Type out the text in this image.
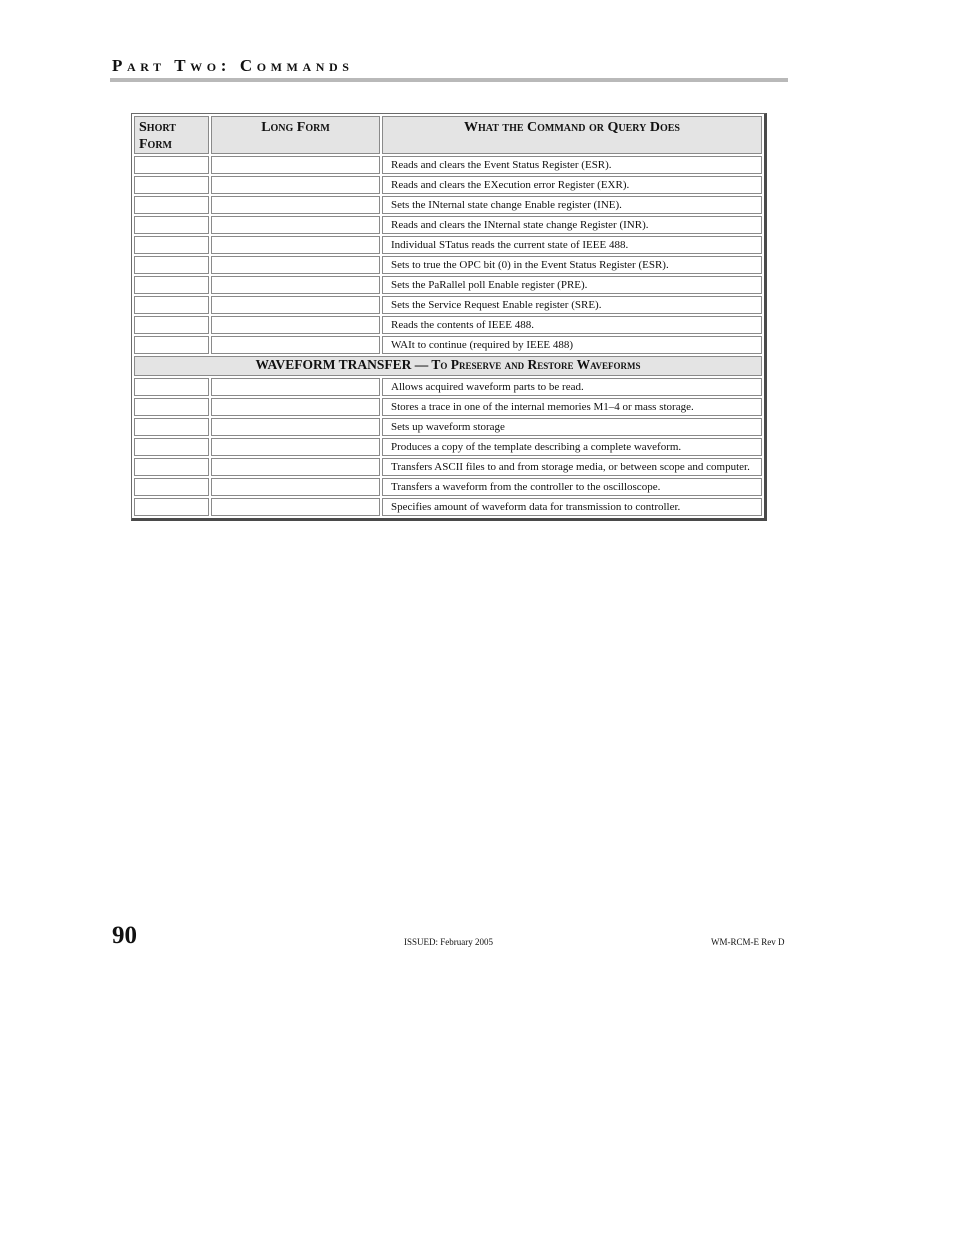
Part Two: Commands
Short Form	Long Form	What the Command or Query Does
		Reads and clears the Event Status Register (ESR).
		Reads and clears the EXecution error Register (EXR).
		Sets the INternal state change Enable register (INE).
		Reads and clears the INternal state change Register (INR).
		Individual STatus reads the current state of IEEE 488.
		Sets to true the OPC bit (0) in the Event Status Register (ESR).
		Sets the PaRallel poll Enable register (PRE).
		Sets the Service Request Enable register (SRE).
		Reads the contents of IEEE 488.
		WAIt to continue (required by IEEE 488)
WAVEFORM TRANSFER — To Preserve and Restore Waveforms		
		Allows acquired waveform parts to be read.
		Stores a trace in one of the internal memories M1–4 or mass storage.
		Sets up waveform storage
		Produces a copy of the template describing a complete waveform.
		Transfers ASCII files to and from storage media, or between scope and computer.
		Transfers a waveform from the controller to the oscilloscope.
		Specifies amount of waveform data for transmission to controller.
90	ISSUED: February 2005	WM-RCM-E Rev D
